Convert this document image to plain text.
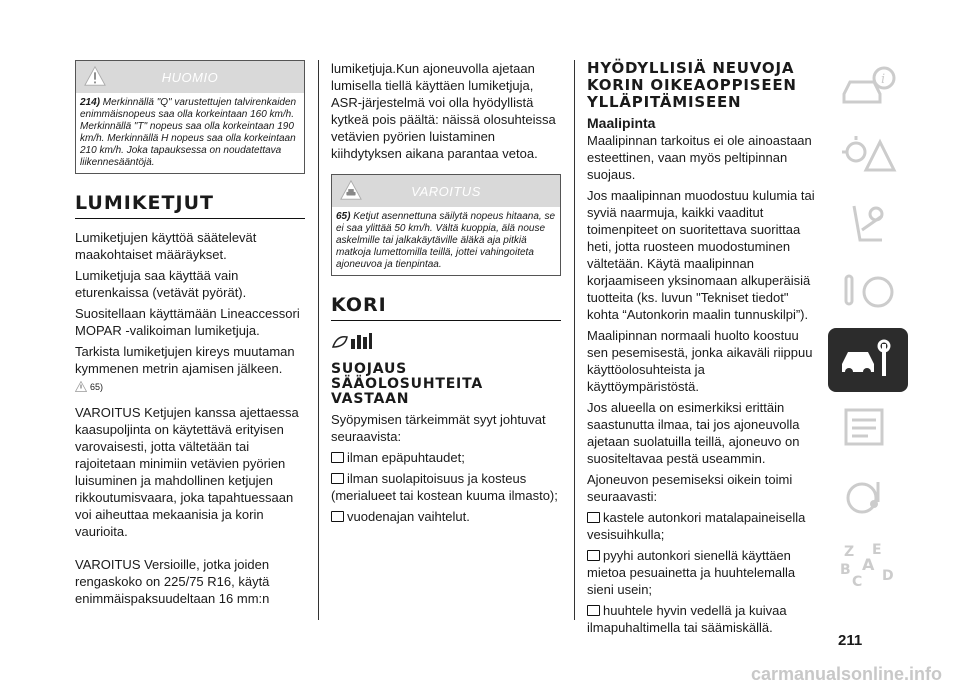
HUOMIO
214) Merkinnällä "Q" varustettujen talvirenkaiden enimmäisnopeus saa olla korkeintaan 160 km/h. Merkinnällä "T" nopeus saa olla korkeintaan 190 km/h. Merkinnällä H nopeus saa olla korkeintaan 210 km/h. Joka tapauksessa on noudatettava liikennesääntöjä.
LUMIKETJUT

Lumiketjujen käyttöä säätelevät maakohtaiset määräykset.

Lumiketjuja saa käyttää vain eturenkaissa (vetävät pyörät).

Suositellaan käyttämään Lineaccessori MOPAR -valikoiman lumiketjuja.

Tarkista lumiketjujen kireys muutaman kymmenen metrin ajamisen jälkeen.

65)

VAROITUS Ketjujen kanssa ajettaessa kaasupoljinta on käytettävä erityisen varovaisesti, jotta vältetään tai rajoitetaan minimiin vetävien pyörien luisuminen ja mahdollinen ketjujen rikkoutumisvaara, joka tapahtuessaan voi aiheuttaa mekaanisia ja korin vaurioita.

VAROITUS Versioille, jotka joiden rengaskoko on 225/75 R16, käytä enimmäispaksuudeltaan 16 mm:n

lumiketjuja.Kun ajoneuvolla ajetaan lumisella tiellä käyttäen lumiketjuja, ASR-järjestelmä voi olla hyödyllistä kytkeä pois päältä: näissä olosuhteissa vetävien pyörien luistaminen kiihdytyksen aikana parantaa vetoa.

VAROITUS
65) Ketjut asennettuna säilytä nopeus hitaana, se ei saa ylittää 50 km/h. Vältä kuoppia, älä nouse askelmille tai jalkakäytäville äläkä aja pitkiä matkoja lumettomilla teillä, jottei vahingoiteta ajoneuvoa ja tienpintaa.
KORI
SUOJAUS SÄÄOLOSUHTEITA VASTAAN

Syöpymisen tärkeimmät syyt johtuvat seuraavista:

ilman epäpuhtaudet;

ilman suolapitoisuus ja kosteus (merialueet tai kostean kuuma ilmasto);

vuodenajan vaihtelut.

HYÖDYLLISIÄ NEUVOJA KORIN OIKEAOPPISEEN YLLÄPITÄMISEEN
Maalipinta

Maalipinnan tarkoitus ei ole ainoastaan esteettinen, vaan myös peltipinnan suojaus.

Jos maalipinnan muodostuu kulumia tai syviä naarmuja, kaikki vaaditut toimenpiteet on suoritettava suorittaa heti, jotta ruosteen muodostuminen vältetään. Käytä maalipinnan korjaamiseen yksinomaan alkuperäisiä tuotteita (ks. luvun "Tekniset tiedot" kohta “Autonkorin maalin tunnuskilpi”).

Maalipinnan normaali huolto koostuu sen pesemisestä, jonka aikaväli riippuu käyttöolosuhteista ja käyttöympäristöstä.

Jos alueella on esimerkiksi erittäin saastunutta ilmaa, tai jos ajoneuvolla ajetaan suolatuilla teillä, ajoneuvo on suositeltavaa pestä useammin.

Ajoneuvon pesemiseksi oikein toimi seuraavasti:

kastele autonkori matalapaineisella vesisuihkulla;

pyyhi autonkori sienellä käyttäen mietoa pesuainetta ja huuhtelemalla sieni usein;

huuhtele hyvin vedellä ja kuivaa ilmapuhaltimella tai säämiskällä.

i
Z E
B A
C D
211
carmanualsonline.info
